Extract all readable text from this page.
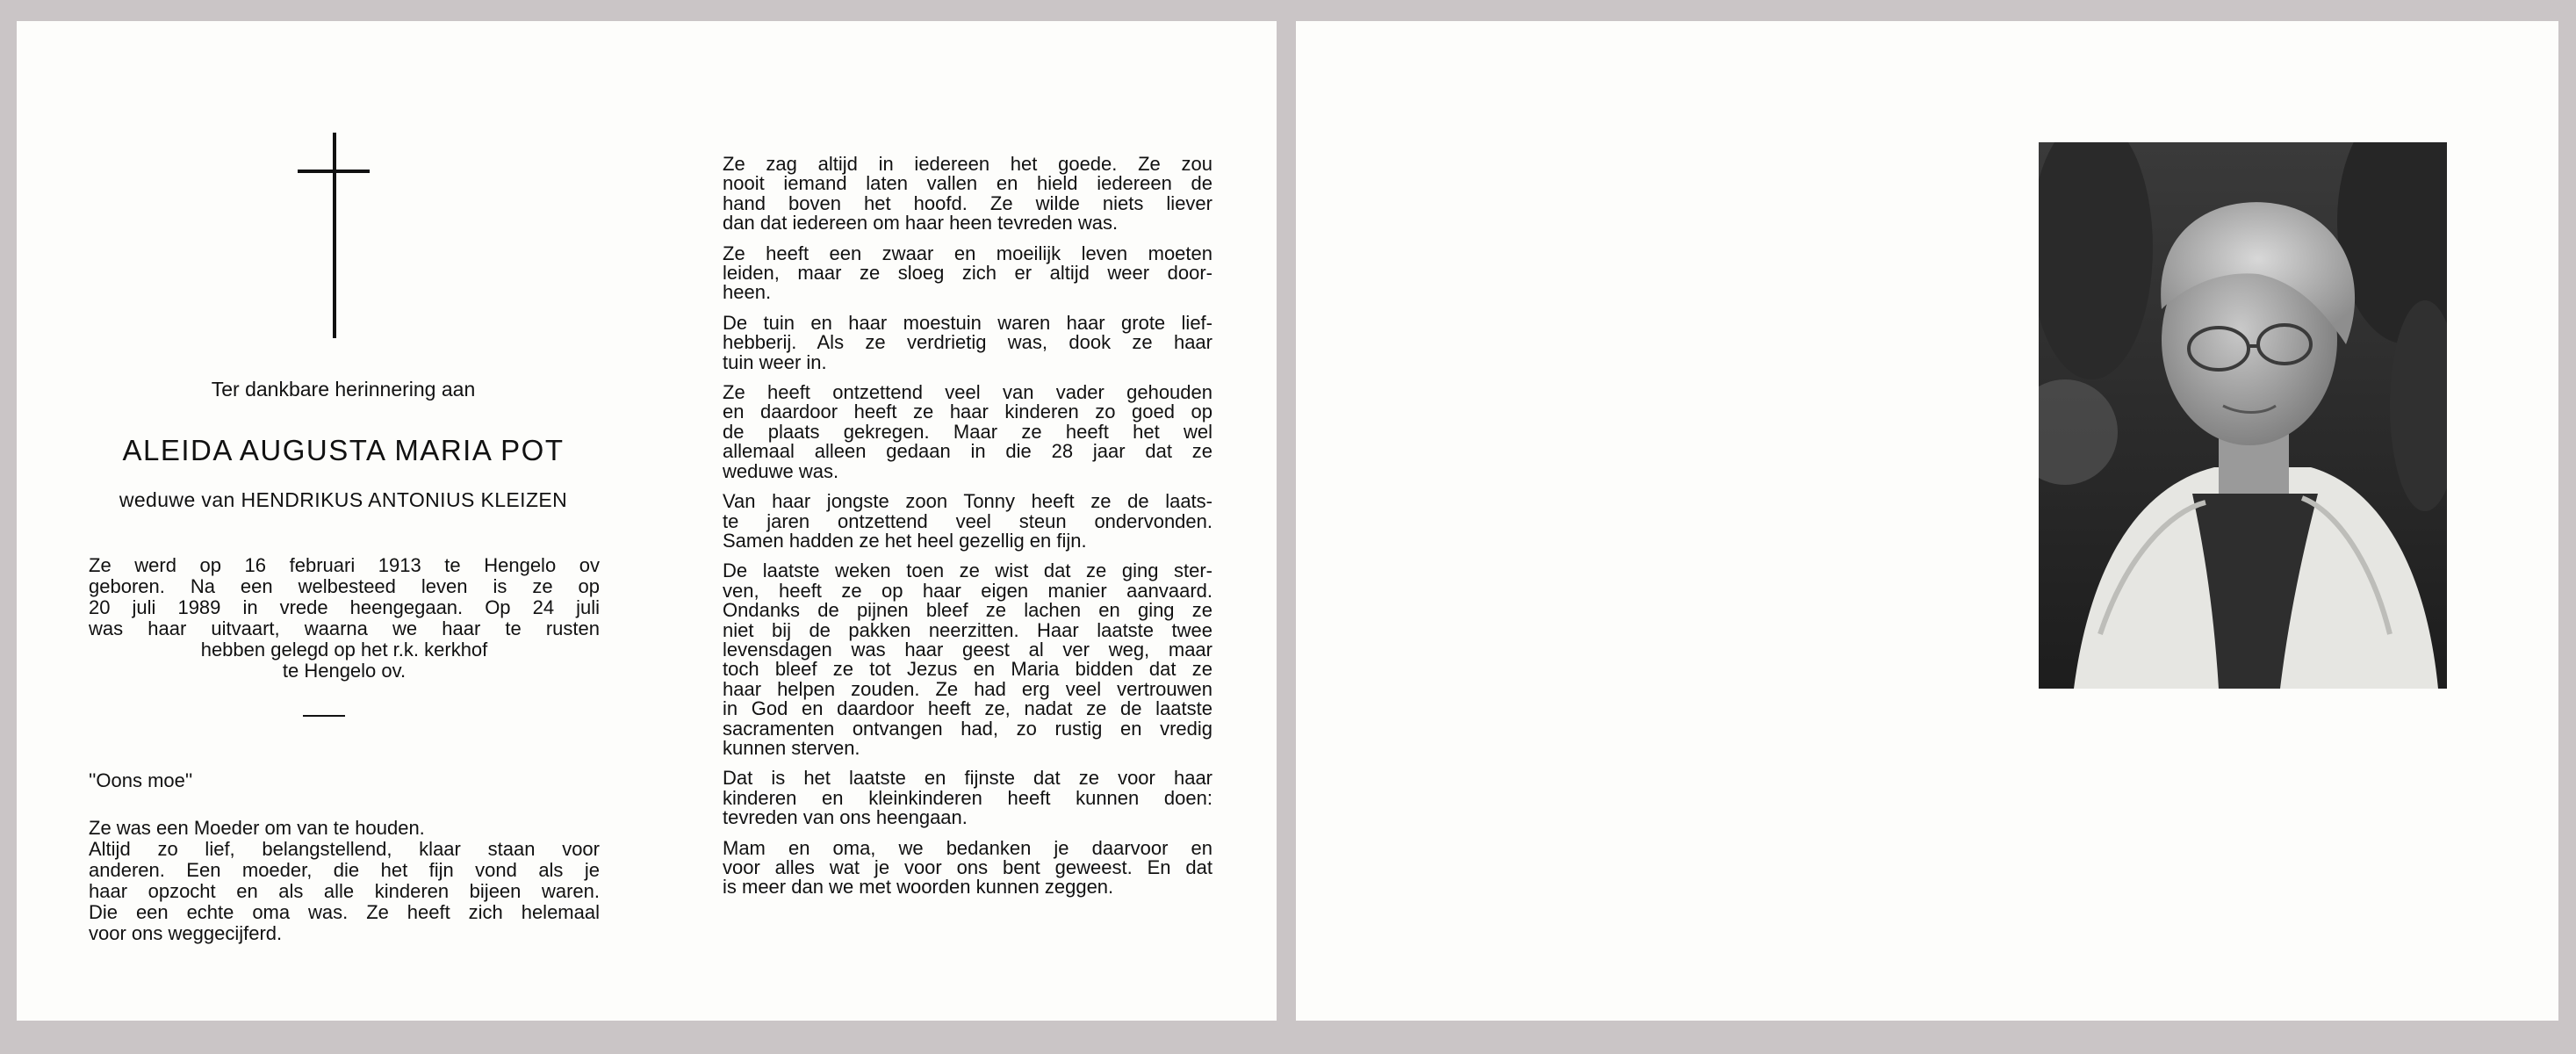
Ter dankbare herinnering aan
ALEIDA AUGUSTA MARIA POT
weduwe van HENDRIKUS ANTONIUS KLEIZEN
Ze werd op 16 februari 1913 te Hengelo ov
geboren. Na een welbesteed leven is ze op
20 juli 1989 in vrede heengegaan. Op 24 juli
was haar uitvaart, waarna we haar te rusten
hebben gelegd op het r.k. kerkhof
te Hengelo ov.
''Oons moe''
Ze was een Moeder om van te houden.
Altijd zo lief, belangstellend, klaar staan voor
anderen. Een moeder, die het fijn vond als je
haar opzocht en als alle kinderen bijeen waren.
Die een echte oma was. Ze heeft zich helemaal
voor ons weggecijferd.

Ze zag altijd in iedereen het goede. Ze zou
nooit iemand laten vallen en hield iedereen de
hand boven het hoofd. Ze wilde niets liever
dan dat iedereen om haar heen tevreden was.

Ze heeft een zwaar en moeilijk leven moeten
leiden, maar ze sloeg zich er altijd weer door-
heen.

De tuin en haar moestuin waren haar grote lief-
hebberij. Als ze verdrietig was, dook ze haar
tuin weer in.

Ze heeft ontzettend veel van vader gehouden
en daardoor heeft ze haar kinderen zo goed op
de plaats gekregen. Maar ze heeft het wel
allemaal alleen gedaan in die 28 jaar dat ze
weduwe was.

Van haar jongste zoon Tonny heeft ze de laats-
te jaren ontzettend veel steun ondervonden.
Samen hadden ze het heel gezellig en fijn.

De laatste weken toen ze wist dat ze ging ster-
ven, heeft ze op haar eigen manier aanvaard.
Ondanks de pijnen bleef ze lachen en ging ze
niet bij de pakken neerzitten. Haar laatste twee
levensdagen was haar geest al ver weg, maar
toch bleef ze tot Jezus en Maria bidden dat ze
haar helpen zouden. Ze had erg veel vertrouwen
in God en daardoor heeft ze, nadat ze de laatste
sacramenten ontvangen had, zo rustig en vredig
kunnen sterven.

Dat is het laatste en fijnste dat ze voor haar
kinderen en kleinkinderen heeft kunnen doen:
tevreden van ons heengaan.

Mam en oma, we bedanken je daarvoor en
voor alles wat je voor ons bent geweest. En dat
is meer dan we met woorden kunnen zeggen.
